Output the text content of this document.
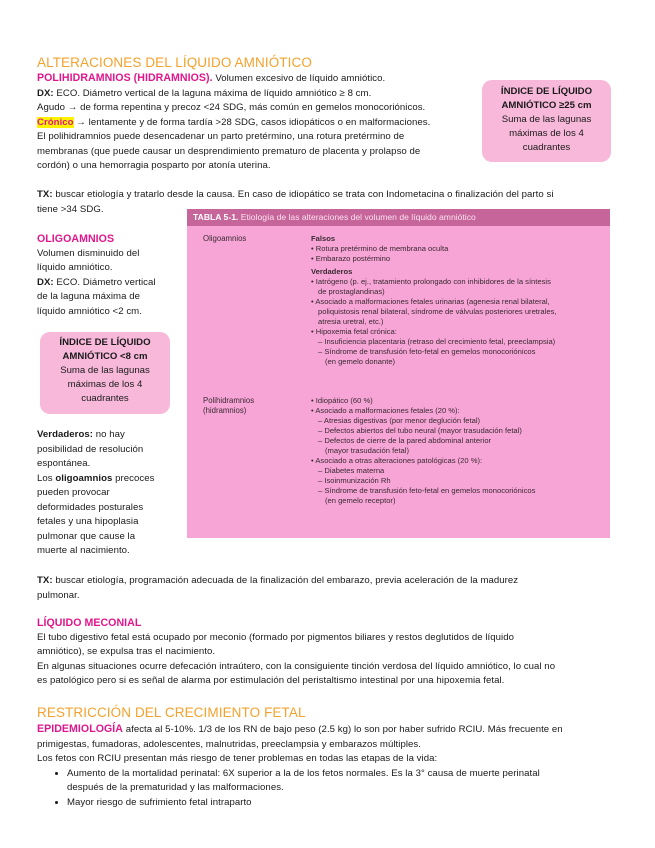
ALTERACIONES DEL LÍQUIDO AMNIÓTICO
POLIHIDRAMNIOS (HIDRAMNIOS). Volumen excesivo de líquido amniótico.
DX: ECO. Diámetro vertical de la laguna máxima de líquido amniótico ≥ 8 cm.
Agudo → de forma repentina y precoz <24 SDG, más común en gemelos monocoriónicos.
Crónico → lentamente y de forma tardía >28 SDG, casos idiopáticos o en malformaciones.
El polihidramnios puede desencadenar un parto pretérmino, una rotura pretérmino de
membranas (que puede causar un desprendimiento prematuro de placenta y prolapso de
cordón) o una hemorragia posparto por atonía uterina.
ÍNDICE DE LÍQUIDO
AMNIÓTICO ≥25 cm
Suma de las lagunas
máximas de los 4
cuadrantes
TX: buscar etiología y tratarlo desde la causa. En caso de idiopático se trata con Indometacina o finalización del parto si
tiene >34 SDG.
TABLA 5-1. Etiología de las alteraciones del volumen de líquido amniótico
Oligoamnios	Falsos
• Rotura pretérmino de membrana oculta
• Embarazo postérmino
Verdaderos
• Iatrógeno (p. ej., tratamiento prolongado con inhibidores de la síntesis
de prostaglandinas)
• Asociado a malformaciones fetales urinarias (agenesia renal bilateral,
poliquistosis renal bilateral, síndrome de válvulas posteriores uretrales,
atresia uretral, etc.)
• Hipoxemia fetal crónica:
– Insuficiencia placentaria (retraso del crecimiento fetal, preeclampsia)
– Síndrome de transfusión feto-fetal en gemelos monocoriónicos
(en gemelo donante)
Polihidramnios
(hidramnios)
• Idiopático (60 %)
• Asociado a malformaciones fetales (20 %):
– Atresias digestivas (por menor deglución fetal)
– Defectos abiertos del tubo neural (mayor trasudación fetal)
– Defectos de cierre de la pared abdominal anterior
(mayor trasudación fetal)
• Asociado a otras alteraciones patológicas (20 %):
– Diabetes materna
– Isoinmunización Rh
– Síndrome de transfusión feto-fetal en gemelos monocoriónicos
(en gemelo receptor)
OLIGOAMNIOS
Volumen disminuido del
líquido amniótico.
DX: ECO. Diámetro vertical
de la laguna máxima de
líquido amniótico <2 cm.
ÍNDICE DE LÍQUIDO
AMNIÓTICO <8 cm
Suma de las lagunas
máximas de los 4
cuadrantes
Verdaderos: no hay
posibilidad de resolución
espontánea.
Los oligoamnios precoces
pueden provocar
deformidades posturales
fetales y una hipoplasia
pulmonar que cause la
muerte al nacimiento.
TX: buscar etiología, programación adecuada de la finalización del embarazo, previa aceleración de la madurez
pulmonar.
LÍQUIDO MECONIAL
El tubo digestivo fetal está ocupado por meconio (formado por pigmentos biliares y restos deglutidos de líquido
amniótico), se expulsa tras el nacimiento.
En algunas situaciones ocurre defecación intraútero, con la consiguiente tinción verdosa del líquido amniótico, lo cual no
es patológico pero si es señal de alarma por estimulación del peristaltismo intestinal por una hipoxemia fetal.
RESTRICCIÓN DEL CRECIMIENTO FETAL
EPIDEMIOLOGÍA afecta al 5-10%. 1/3 de los RN de bajo peso (2.5 kg) lo son por haber sufrido RCIU. Más frecuente en
primigestas, fumadoras, adolescentes, malnutridas, preeclampsia y embarazos múltiples.
Los fetos con RCIU presentan más riesgo de tener problemas en todas las etapas de la vida:
• Aumento de la mortalidad perinatal: 6X superior a la de los fetos normales. Es la 3° causa de muerte perinatal
después de la prematuridad y las malformaciones.
• Mayor riesgo de sufrimiento fetal intraparto
